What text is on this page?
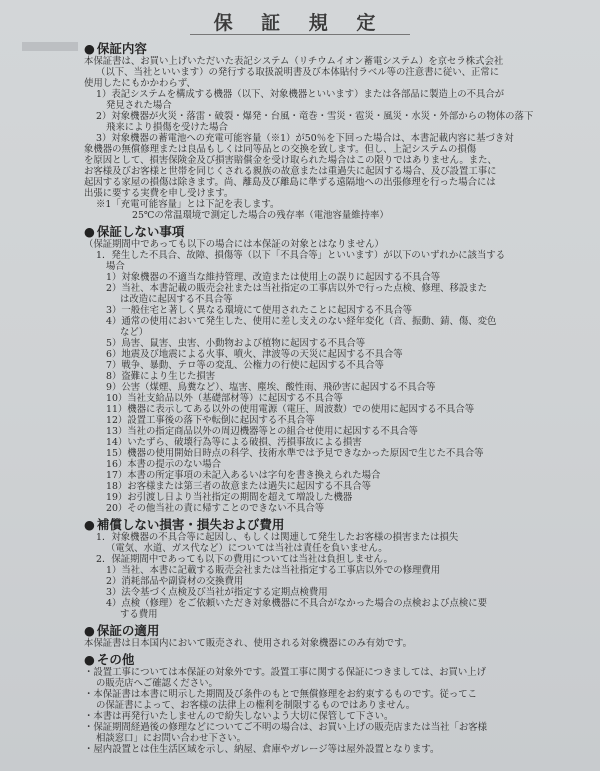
保 証 規 定
● 保証内容
本保証書は、お買い上げいただいた表記システム（リチウムイオン蓄電システム）を京セラ株式会社
（以下、当社といいます）の発行する取扱説明書及び本体貼付ラベル等の注意書に従い、正常に
使用したにもかかわらず、
1）表記システムを構成する機器（以下、対象機器といいます）または各部品に製造上の不具合が
発見された場合
2）対象機器が火災・落雷・破裂・爆発・台風・竜巻・雪災・雹災・風災・水災・外部からの物体の落下
飛来により損傷を受けた場合
3）対象機器の蓄電池への充電可能容量（※1）が50％を下回った場合は、本書記載内容に基づき対
象機器の無償修理または良品もしくは同等品との交換を致します。但し、上記システムの損傷
を原因として、損害保険金及び損害賠償金を受け取られた場合はこの限りではありません。また、
お客様及びお客様と世帯を同じくされる親族の故意または重過失に起因する場合、及び設置工事に
起因する家屋の損傷は除きます。尚、離島及び離島に準ずる遠隔地への出張修理を行った場合には
出張に要する実費を申し受けます。
※1「充電可能容量」とは下記を表します。
25℃の常温環境で測定した場合の残存率（電池容量維持率）
● 保証しない事項
（保証期間中であっても以下の場合には本保証の対象とはなりません）
1．発生した不具合、故障、損傷等（以下「不具合等」といいます）が以下のいずれかに該当する
場合
1）対象機器の不適当な維持管理、改造または使用上の誤りに起因する不具合等
2）当社、本書記載の販売会社または当社指定の工事店以外で行った点検、修理、移設また
は改造に起因する不具合等
3）一般住宅と著しく異なる環境にて使用されたことに起因する不具合等
4）通常の使用において発生した、使用に差し支えのない経年変化（音、振動、錆、傷、変色
など）
5）鳥害、鼠害、虫害、小動物および植物に起因する不具合等
6）地震及び地震による火事、噴火、津波等の天災に起因する不具合等
7）戦争、暴動、テロ等の変乱、公権力の行使に起因する不具合等
8）盗難により生じた損害
9）公害（煤煙、鳥糞など）、塩害、塵埃、酸性雨、飛砂害に起因する不具合等
10）当社支給品以外（基礎部材等）に起因する不具合等
11）機器に表示してある以外の使用電源（電圧、周波数）での使用に起因する不具合等
12）設置工事後の落下や転倒に起因する不具合等
13）当社の指定商品以外の周辺機器等との組合せ使用に起因する不具合等
14）いたずら、破壊行為等による破損、汚損事故による損害
15）機器の使用開始日時点の科学、技術水準では予見できなかった原因で生じた不具合等
16）本書の提示のない場合
17）本書の所定事項の未記入あるいは字句を書き換えられた場合
18）お客様または第三者の故意または過失に起因する不具合等
19）お引渡し日より当社指定の期間を超えて増設した機器
20）その他当社の責に帰すことのできない不具合等
● 補償しない損害・損失および費用
1．対象機器の不具合等に起因し、もしくは関連して発生したお客様の損害または損失
（電気、水道、ガス代など）については当社は責任を負いません。
2．保証期間中であっても以下の費用については当社は負担しません。
1）当社、本書に記載する販売会社または当社指定する工事店以外での修理費用
2）消耗部品や副資材の交換費用
3）法令基づく点検及び当社が指定する定期点検費用
4）点検（修理）をご依頼いただき対象機器に不具合がなかった場合の点検および点検に要
する費用
● 保証の適用
本保証書は日本国内において販売され、使用される対象機器にのみ有効です。
● その他
・設置工事については本保証の対象外です。設置工事に関する保証につきましては、お買い上げ
の販売店へご確認ください。
・本保証書は本書に明示した期間及び条件のもとで無償修理をお約束するものです。従ってこ
の保証書によって、お客様の法律上の権利を制限するものではありません。
・本書は再発行いたしませんので紛失しないよう大切に保管して下さい。
・保証期間経過後の修理などについてご不明の場合は、お買い上げの販売店または当社「お客様
相談窓口」にお問い合わせ下さい。
・屋内設置とは住生活区域を示し、納屋、倉庫やガレージ等は屋外設置となります。
